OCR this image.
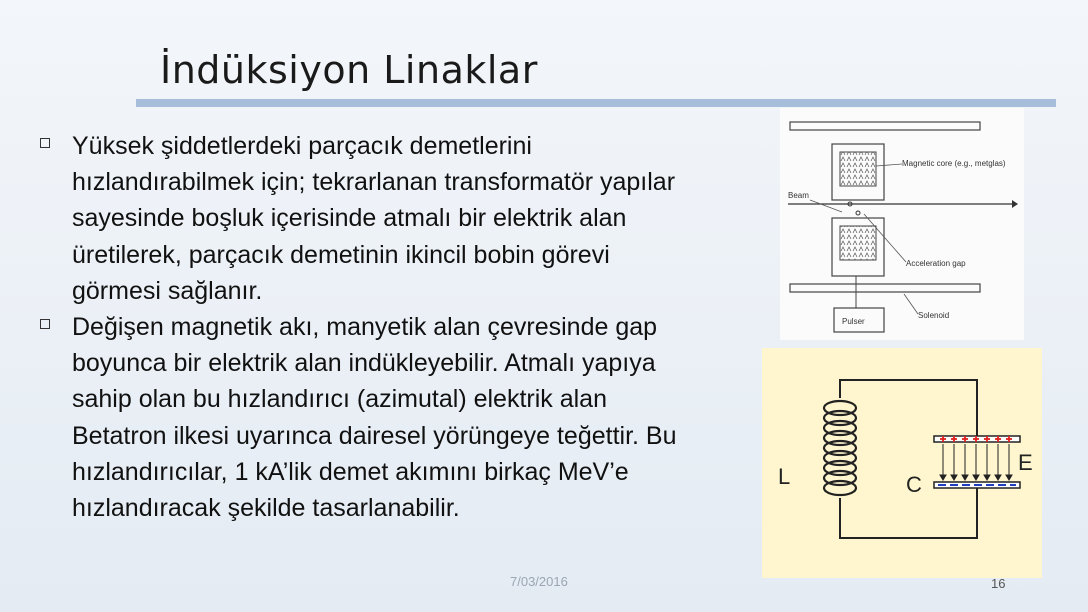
İndüksiyon Linaklar
Yüksek şiddetlerdeki parçacık demetlerini hızlandırabilmek için; tekrarlanan transformatör yapılar sayesinde boşluk içerisinde atmalı bir elektrik alan üretilerek, parçacık demetinin ikincil bobin görevi görmesi sağlanır.
Değişen magnetik akı, manyetik alan çevresinde gap boyunca bir elektrik alan indükleyebilir. Atmalı yapıya sahip olan bu hızlandırıcı (azimutal) elektrik alan Betatron ilkesi uyarınca dairesel yörüngeye teğettir. Bu hızlandırıcılar, 1 kA’lik demet akımını birkaç MeV’e hızlandıracak şekilde tasarlanabilir.
Magnetic core (e.g., metglas)
Beam
Acceleration gap
Solenoid
Pulser
L	C
E
7/03/2016	16
